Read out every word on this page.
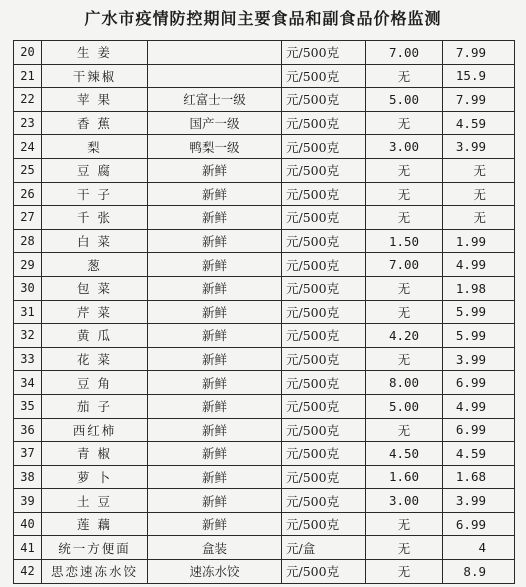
广水市疫情防控期间主要食品和副食品价格监测
20	生 姜		元/500克	7.00	7.99
21	干辣椒		元/500克	无	15.9
22	苹 果	红富士一级	元/500克	5.00	7.99
23	香 蕉	国产一级	元/500克	无	4.59
24	梨	鸭梨一级	元/500克	3.00	3.99
25	豆 腐	新鲜	元/500克	无	无
26	干 子	新鲜	元/500克	无	无
27	千 张	新鲜	元/500克	无	无
28	白 菜	新鲜	元/500克	1.50	1.99
29	葱	新鲜	元/500克	7.00	4.99
30	包 菜	新鲜	元/500克	无	1.98
31	芹 菜	新鲜	元/500克	无	5.99
32	黄 瓜	新鲜	元/500克	4.20	5.99
33	花 菜	新鲜	元/500克	无	3.99
34	豆 角	新鲜	元/500克	8.00	6.99
35	茄 子	新鲜	元/500克	5.00	4.99
36	西红柿	新鲜	元/500克	无	6.99
37	青 椒	新鲜	元/500克	4.50	4.59
38	萝 卜	新鲜	元/500克	1.60	1.68
39	土 豆	新鲜	元/500克	3.00	3.99
40	莲 藕	新鲜	元/500克	无	6.99
41	统一方便面	盒装	元/盒	无	4
42	思恋速冻水饺	速冻水饺	元/500克	无	8.9
